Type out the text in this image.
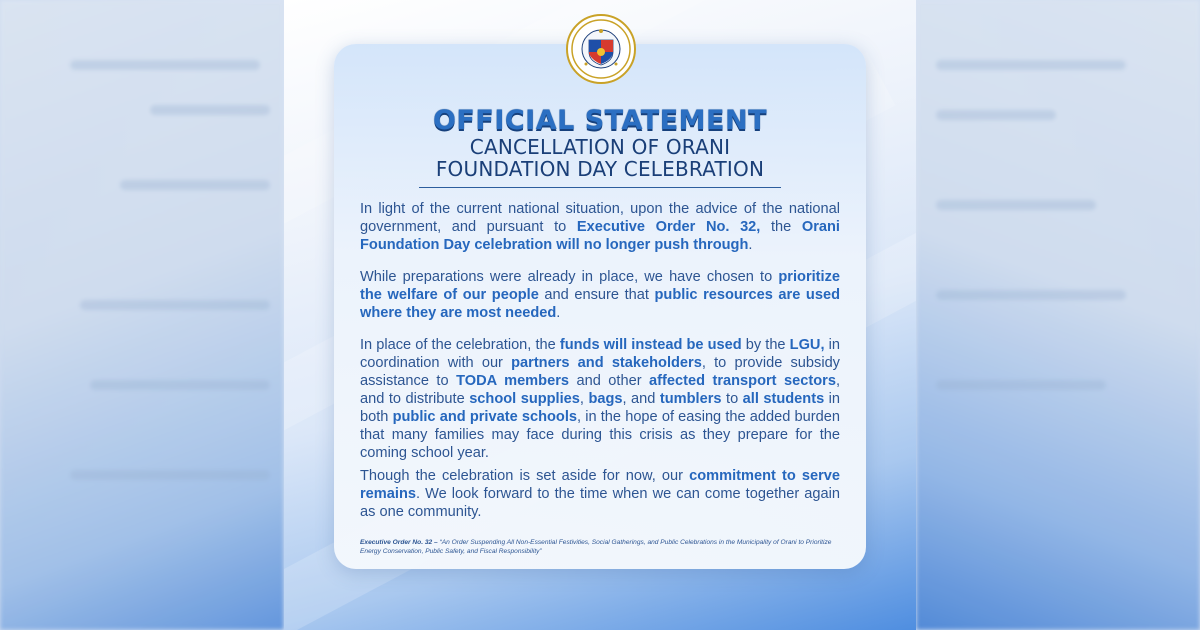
OFFICIAL STATEMENT
CANCELLATION OF ORANI
FOUNDATION DAY CELEBRATION
In light of the current national situation, upon the advice of the national government, and pursuant to Executive Order No. 32, the Orani Foundation Day celebration will no longer push through.
While preparations were already in place, we have chosen to prioritize the welfare of our people and ensure that public resources are used where they are most needed.
In place of the celebration, the funds will instead be used by the LGU, in coordination with our partners and stakeholders, to provide subsidy assistance to TODA members and other affected transport sectors, and to distribute school supplies, bags, and tumblers to all students in both public and private schools, in the hope of easing the added burden that many families may face during this crisis as they prepare for the coming school year.
Though the celebration is set aside for now, our commitment to serve remains. We look forward to the time when we can come together again as one community.
Executive Order No. 32 – “An Order Suspending All Non-Essential Festivities, Social Gatherings, and Public Celebrations in the Municipality of Orani to Prioritize Energy Conservation, Public Safety, and Fiscal Responsibility”
